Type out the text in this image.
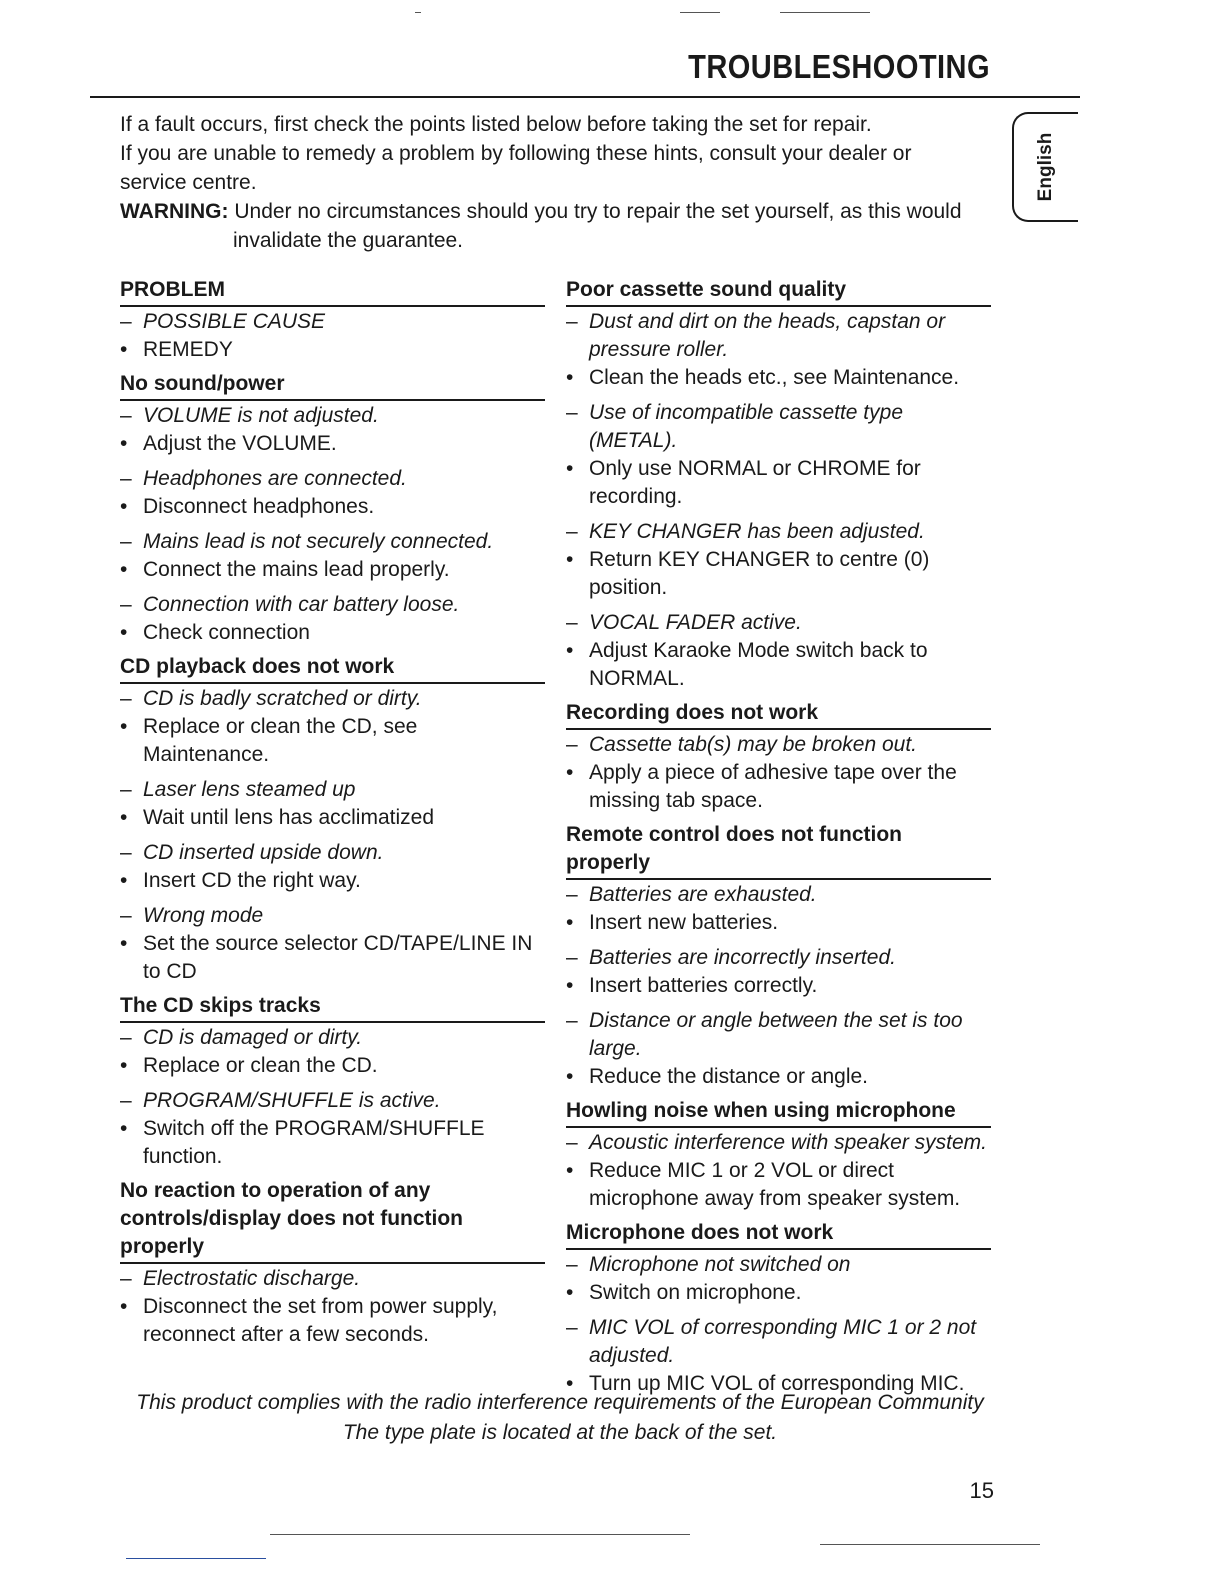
TROUBLESHOOTING
English

If a fault occurs, first check the points listed below before taking the set for repair.

If you are unable to remedy a problem by following these hints, consult your dealer or service centre.

WARNING: Under no circumstances should you try to repair the set yourself, as this would

invalidate the guarantee.

PROBLEM
– POSSIBLE CAUSE
• REMEDY
No sound/power
– VOLUME is not adjusted.
• Adjust the VOLUME.
– Headphones are connected.
• Disconnect headphones.
– Mains lead is not securely connected.
• Connect the mains lead properly.
– Connection with car battery loose.
• Check connection
CD playback does not work
– CD is badly scratched or dirty.
• Replace or clean the CD, see Maintenance.
– Laser lens steamed up
• Wait until lens has acclimatized
– CD inserted upside down.
• Insert CD the right way.
– Wrong mode
• Set the source selector CD/TAPE/LINE IN to CD
The CD skips tracks
– CD is damaged or dirty.
• Replace or clean the CD.
– PROGRAM/SHUFFLE is active.
• Switch off the PROGRAM/SHUFFLE function.
No reaction to operation of any controls/display does not function properly
– Electrostatic discharge.
• Disconnect the set from power supply, reconnect after a few seconds.
Poor cassette sound quality
– Dust and dirt on the heads, capstan or pressure roller.
• Clean the heads etc., see Maintenance.
– Use of incompatible cassette type (METAL).
• Only use NORMAL or CHROME for recording.
– KEY CHANGER has been adjusted.
• Return KEY CHANGER to centre (0) position.
– VOCAL FADER active.
• Adjust Karaoke Mode switch back to NORMAL.
Recording does not work
– Cassette tab(s) may be broken out.
• Apply a piece of adhesive tape over the missing tab space.
Remote control does not function properly
– Batteries are exhausted.
• Insert new batteries.
– Batteries are incorrectly inserted.
• Insert batteries correctly.
– Distance or angle between the set is too large.
• Reduce the distance or angle.
Howling noise when using microphone
– Acoustic interference with speaker system.
• Reduce MIC 1 or 2 VOL or direct microphone away from speaker system.
Microphone does not work
– Microphone not switched on
• Switch on microphone.
– MIC VOL of corresponding MIC 1 or 2 not adjusted.
• Turn up MIC VOL of corresponding MIC.
This product complies with the radio interference requirements of the European Community
The type plate is located at the back of the set.
15
